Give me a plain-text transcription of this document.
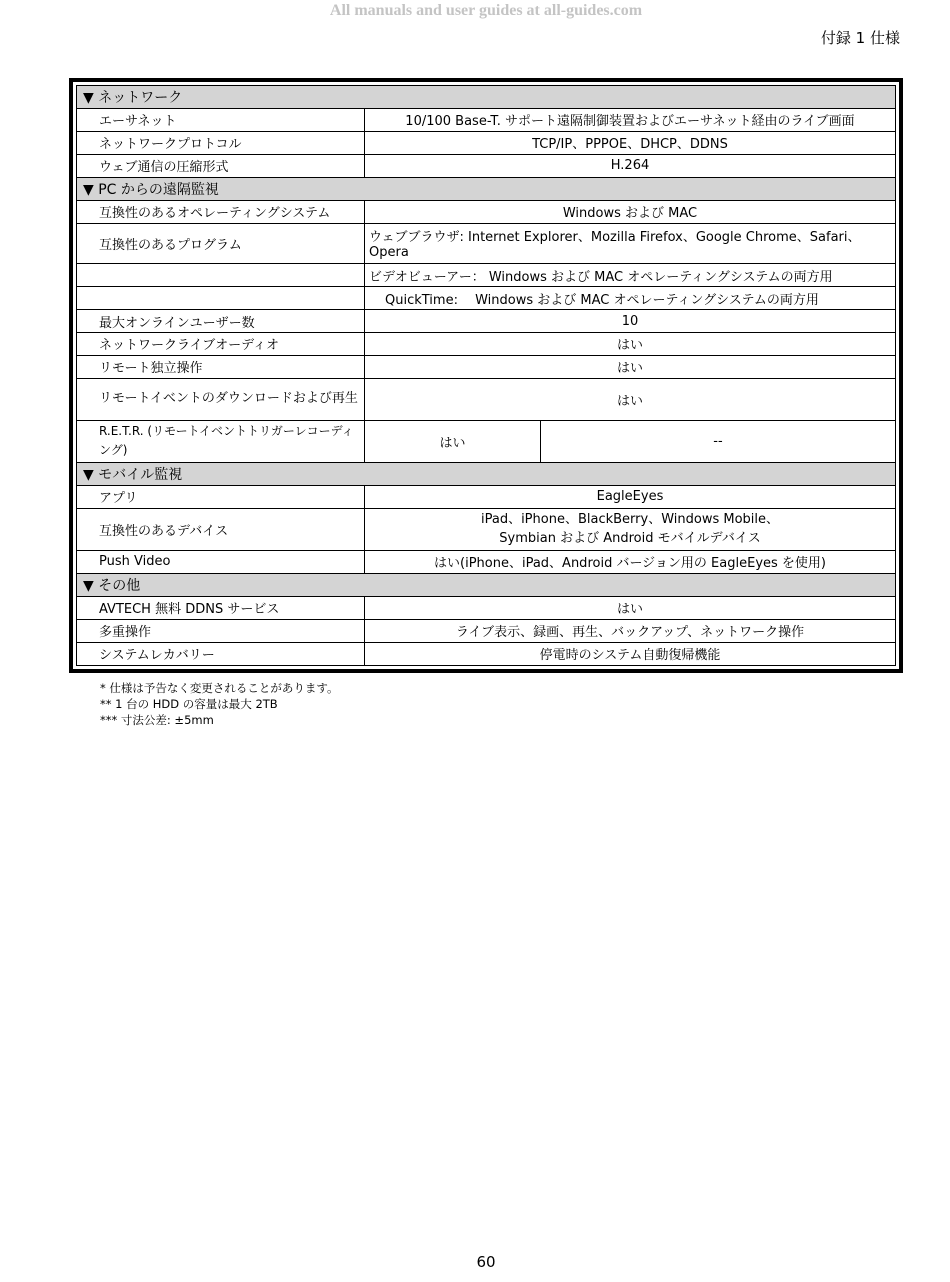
All manuals and user guides at all-guides.com
付録 1 仕様
▼ ネットワーク		
エーサネット	10/100 Base-T. サポート遠隔制御装置およびエーサネット経由のライブ画面	
ネットワークプロトコル	TCP/IP、PPPOE、DHCP、DDNS	
ウェブ通信の圧縮形式	H.264	
▼ PC からの遠隔監視		
互換性のあるオペレーティングシステム	Windows および MAC	
互換性のあるプログラム	ウェブブラウザ: Internet Explorer、Mozilla Firefox、Google Chrome、Safari、Opera	
	ビデオビューアー： Windows および MAC オペレーティングシステムの両方用	
	QuickTime:　 Windows および MAC オペレーティングシステムの両方用	
最大オンラインユーザー数	10	
ネットワークライブオーディオ	はい	
リモート独立操作	はい	
リモートイベントのダウンロードおよび再生	はい	
R.E.T.R. (リモートイベントトリガーレコーディング)	はい	--
▼ モバイル監視		
アプリ	EagleEyes	
互換性のあるデバイス	iPad、iPhone、BlackBerry、Windows Mobile、
Symbian および Android モバイルデバイス	

Push Video	はい(iPhone、iPad、Android バージョン用の EagleEyes を使用)	
▼ その他		
AVTECH 無料 DDNS サービス	はい	
多重操作	ライブ表示、録画、再生、バックアップ、ネットワーク操作	
システムレカバリー	停電時のシステム自動復帰機能	
* 仕様は予告なく変更されることがあります。
** 1 台の HDD の容量は最大 2TB
*** 寸法公差: ±5mm
60
